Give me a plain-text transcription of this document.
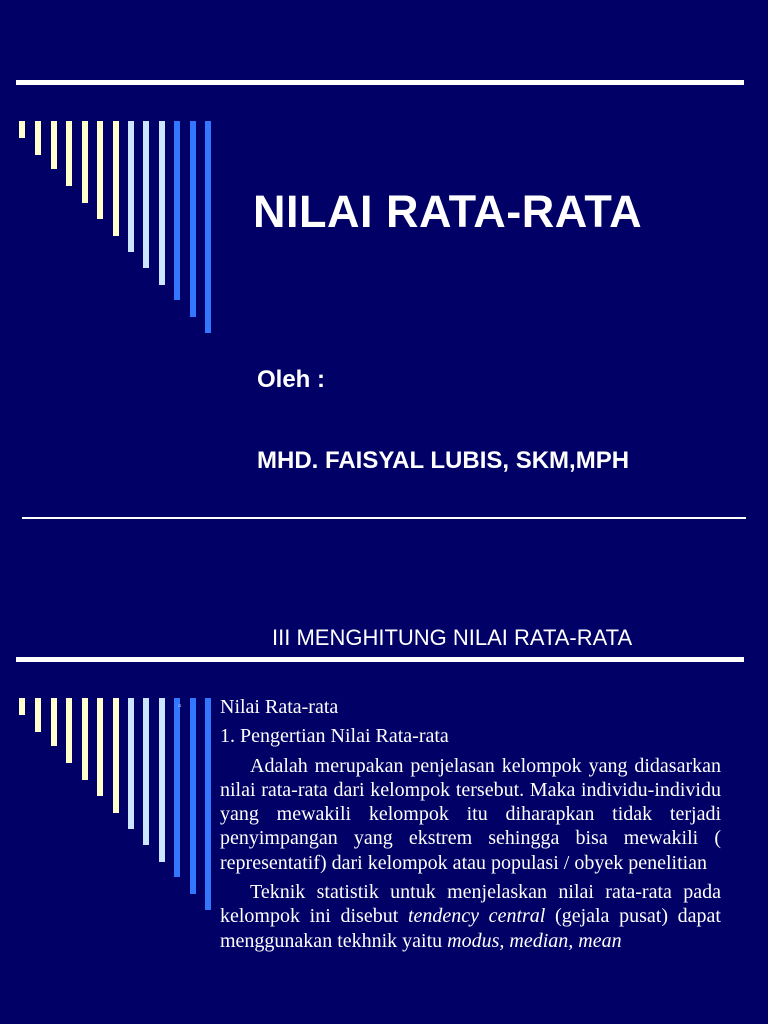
NILAI RATA-RATA
Oleh :
MHD. FAISYAL LUBIS, SKM,MPH
III MENGHITUNG NILAI RATA-RATA
▫ Nilai Rata-rata
1. Pengertian Nilai Rata-rata
Adalah merupakan penjelasan kelompok yang didasarkan nilai rata-rata dari kelompok tersebut. Maka individu-individu yang mewakili kelompok itu diharapkan tidak terjadi penyimpangan yang ekstrem sehingga bisa mewakili ( representatif) dari kelompok atau populasi / obyek penelitian
Teknik statistik untuk menjelaskan nilai rata-rata pada kelompok ini disebut tendency central (gejala pusat) dapat menggunakan tekhnik yaitu modus, median, mean
